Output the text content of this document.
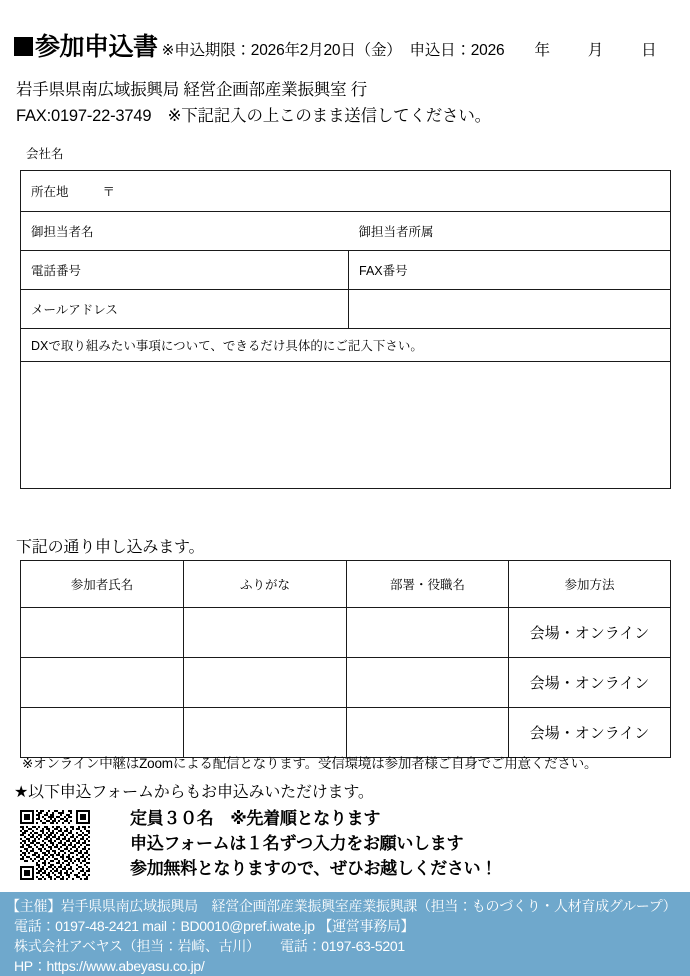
参加申込書 ※申込期限：2026年2月20日（金） 申込日：2026 年 月 日
岩手県県南広域振興局 経営企画部産業振興室 行
FAX:0197-22-3749　※下記記入の上このまま送信してください。
会社名
所在地 〒	
御担当者名	御担当者所属
電話番号	FAX番号
メールアドレス	
DXで取り組みたい事項について、できるだけ具体的にご記入下さい。	

下記の通り申し込みます。
参加者氏名	ふりがな	部署・役職名	参加方法
			会場・オンライン
			会場・オンライン
			会場・オンライン
※オンライン中継はZoomによる配信となります。受信環境は参加者様ご自身でご用意ください。
★以下申込フォームからもお申込みいただけます。
定員３０名　※先着順となります
申込フォームは１名ずつ入力をお願いします
参加無料となりますので、ぜひお越しください！
【主催】岩手県県南広域振興局　経営企画部産業振興室産業振興課（担当：ものづくり・人材育成グループ）
電話：0197-48-2421 mail：BD0010@pref.iwate.jp 【運営事務局】
株式会社アベヤス（担当：岩崎、古川）　　電話：0197-63-5201
HP：https://www.abeyasu.co.jp/
